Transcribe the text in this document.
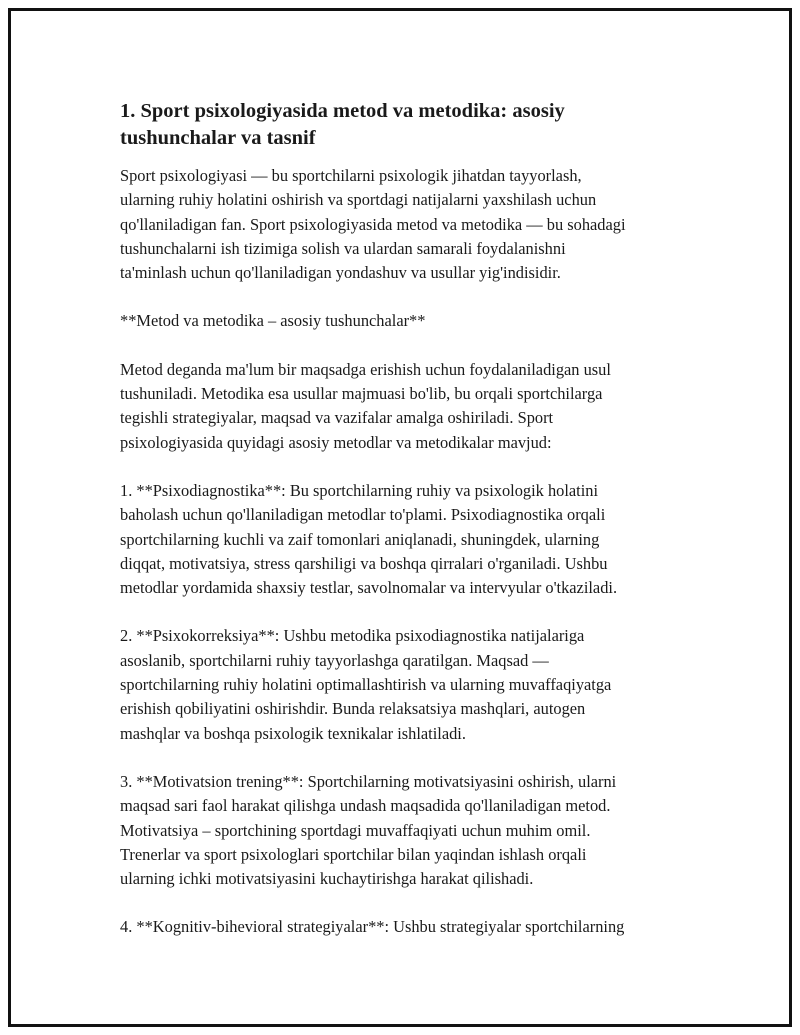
1. Sport psixologiyasida metod va metodika: asosiy
tushunchalar va tasnif

Sport psixologiyasi — bu sportchilarni psixologik jihatdan tayyorlash,
ularning ruhiy holatini oshirish va sportdagi natijalarni yaxshilash uchun
qo'llaniladigan fan. Sport psixologiyasida metod va metodika — bu sohadagi
tushunchalarni ish tizimiga solish va ulardan samarali foydalanishni
ta'minlash uchun qo'llaniladigan yondashuv va usullar yig'indisidir.

**Metod va metodika – asosiy tushunchalar**

Metod deganda ma'lum bir maqsadga erishish uchun foydalaniladigan usul
tushuniladi. Metodika esa usullar majmuasi bo'lib, bu orqali sportchilarga
tegishli strategiyalar, maqsad va vazifalar amalga oshiriladi. Sport
psixologiyasida quyidagi asosiy metodlar va metodikalar mavjud:

1. **Psixodiagnostika**: Bu sportchilarning ruhiy va psixologik holatini
baholash uchun qo'llaniladigan metodlar to'plami. Psixodiagnostika orqali
sportchilarning kuchli va zaif tomonlari aniqlanadi, shuningdek, ularning
diqqat, motivatsiya, stress qarshiligi va boshqa qirralari o'rganiladi. Ushbu
metodlar yordamida shaxsiy testlar, savolnomalar va intervyular o'tkaziladi.

2. **Psixokorreksiya**: Ushbu metodika psixodiagnostika natijalariga
asoslanib, sportchilarni ruhiy tayyorlashga qaratilgan. Maqsad —
sportchilarning ruhiy holatini optimallashtirish va ularning muvaffaqiyatga
erishish qobiliyatini oshirishdir. Bunda relaksatsiya mashqlari, autogen
mashqlar va boshqa psixologik texnikalar ishlatiladi.

3. **Motivatsion trening**: Sportchilarning motivatsiyasini oshirish, ularni
maqsad sari faol harakat qilishga undash maqsadida qo'llaniladigan metod.
Motivatsiya – sportchining sportdagi muvaffaqiyati uchun muhim omil.
Trenerlar va sport psixologlari sportchilar bilan yaqindan ishlash orqali
ularning ichki motivatsiyasini kuchaytirishga harakat qilishadi.

4. **Kognitiv-bihevioral strategiyalar**: Ushbu strategiyalar sportchilarning
